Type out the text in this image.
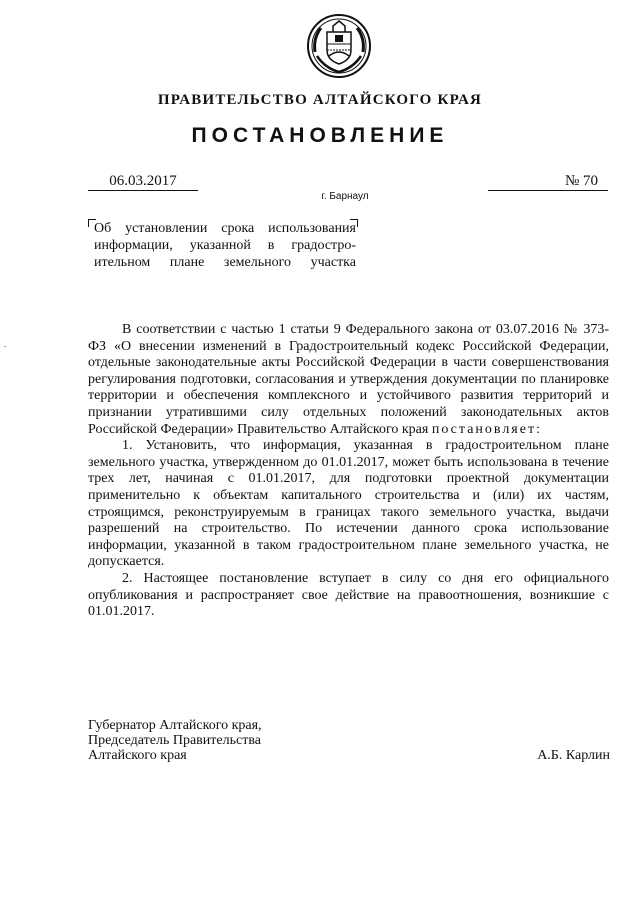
ПРАВИТЕЛЬСТВО АЛТАЙСКОГО КРАЯ
ПОСТАНОВЛЕНИЕ
06.03.2017	№ 70
г. Барнаул
Об установлении срока использования
информации, указанной в градостро-
ительном плане земельного участка

В соответствии с частью 1 статьи 9 Федерального закона от 03.07.2016 № 373-ФЗ «О внесении изменений в Градостроительный кодекс Российской Федерации, отдельные законодательные акты Российской Федерации в части совершенствования регулирования подготовки, согласования и утверждения документации по планировке территории и обеспечения комплексного и устойчивого развития территорий и признании утратившими силу отдельных положений законодательных актов Российской Федерации» Правительство Алтайского края постановляет:

1. Установить, что информация, указанная в градостроительном плане земельного участка, утвержденном до 01.01.2017, может быть использована в течение трех лет, начиная с 01.01.2017, для подготовки проектной документации применительно к объектам капитального строительства и (или) их частям, строящимся, реконструируемым в границах такого земельного участка, выдачи разрешений на строительство. По истечении данного срока использование информации, указанной в таком градостроительном плане земельного участка, не допускается.

2. Настоящее постановление вступает в силу со дня его официального опубликования и распространяет свое действие на правоотношения, возникшие с 01.01.2017.

Губернатор Алтайского края,
Председатель Правительства
Алтайского края	А.Б. Карлин
